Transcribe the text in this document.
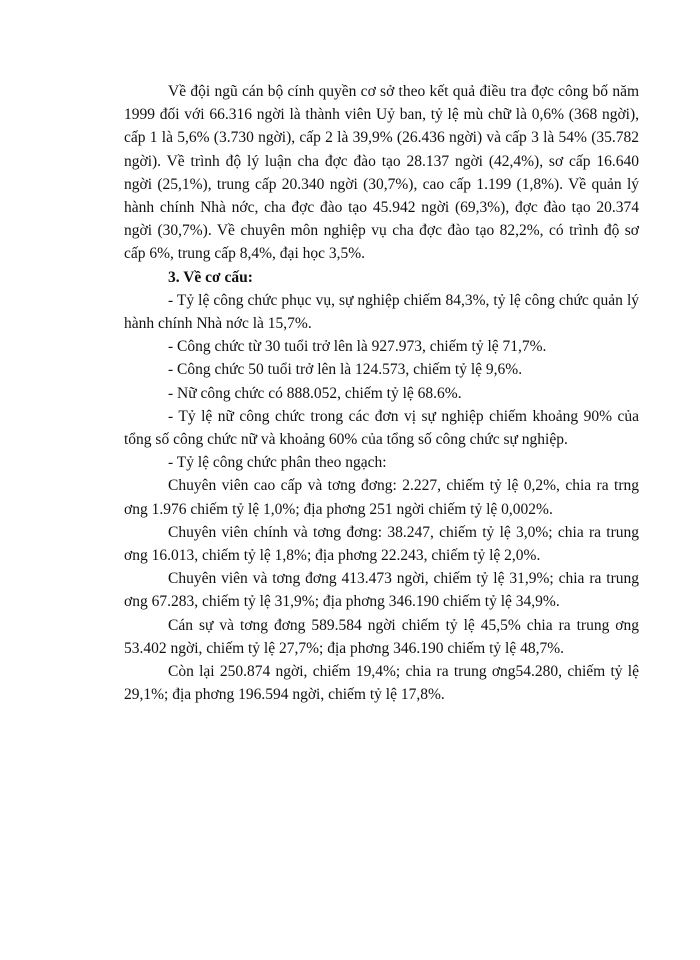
Về đội ngũ cán bộ cính quyền cơ sở theo kết quả điều tra đợc công bố năm 1999 đối với 66.316 ngời là thành viên Uỷ ban, tỷ lệ mù chữ là 0,6% (368 ngời), cấp 1 là 5,6% (3.730 ngời), cấp 2 là 39,9% (26.436 ngời) và cấp 3 là 54% (35.782 ngời). Về trình độ lý luận cha đợc đào tạo 28.137 ngời (42,4%), sơ cấp 16.640 ngời (25,1%), trung cấp 20.340 ngời (30,7%), cao cấp 1.199 (1,8%). Về quản lý hành chính Nhà nớc, cha đợc đào tạo 45.942 ngời (69,3%), đợc đào tạo 20.374 ngời (30,7%). Về chuyên môn nghiệp vụ cha đợc đào tạo 82,2%, có trình độ sơ cấp 6%, trung cấp 8,4%, đại học 3,5%.

3. Về cơ cấu:

- Tỷ lệ công chức phục vụ, sự nghiệp chiếm 84,3%, tỷ lệ công chức quản lý hành chính Nhà nớc là 15,7%.

- Công chức từ 30 tuổi trở lên là 927.973, chiếm tỷ lệ 71,7%.

- Công chức 50 tuổi trở lên là 124.573, chiếm tỷ lệ 9,6%.

- Nữ công chức có 888.052, chiếm tỷ lệ 68.6%.

- Tỷ lệ nữ công chức trong các đơn vị sự nghiệp chiếm khoảng 90% của tổng số công chức nữ và khoảng 60% của tổng số công chức sự nghiệp.

- Tỷ lệ công chức phân theo ngạch:

Chuyên viên cao cấp và tơng đơng: 2.227, chiếm tỷ lệ 0,2%, chia ra trng ơng 1.976 chiếm tỷ lệ 1,0%; địa phơng 251 ngời chiếm tỷ lệ 0,002%.

Chuyên viên chính và tơng đơng: 38.247, chiếm tỷ lệ 3,0%; chia ra trung ơng 16.013, chiếm tỷ lệ 1,8%; địa phơng 22.243, chiếm tỷ lệ 2,0%.

Chuyên viên và tơng đơng 413.473 ngời, chiếm tỷ lệ 31,9%; chia ra trung ơng 67.283, chiếm tỷ lệ 31,9%; địa phơng 346.190 chiếm tỷ lệ 34,9%.

Cán sự và tơng đơng 589.584 ngời chiếm tỷ lệ 45,5% chia ra trung ơng 53.402 ngời, chiếm tỷ lệ 27,7%; địa phơng 346.190 chiếm tỷ lệ 48,7%.

Còn lại 250.874 ngời, chiếm 19,4%; chia ra trung ơng54.280, chiếm tỷ lệ 29,1%; địa phơng 196.594 ngời, chiếm tỷ lệ 17,8%.
